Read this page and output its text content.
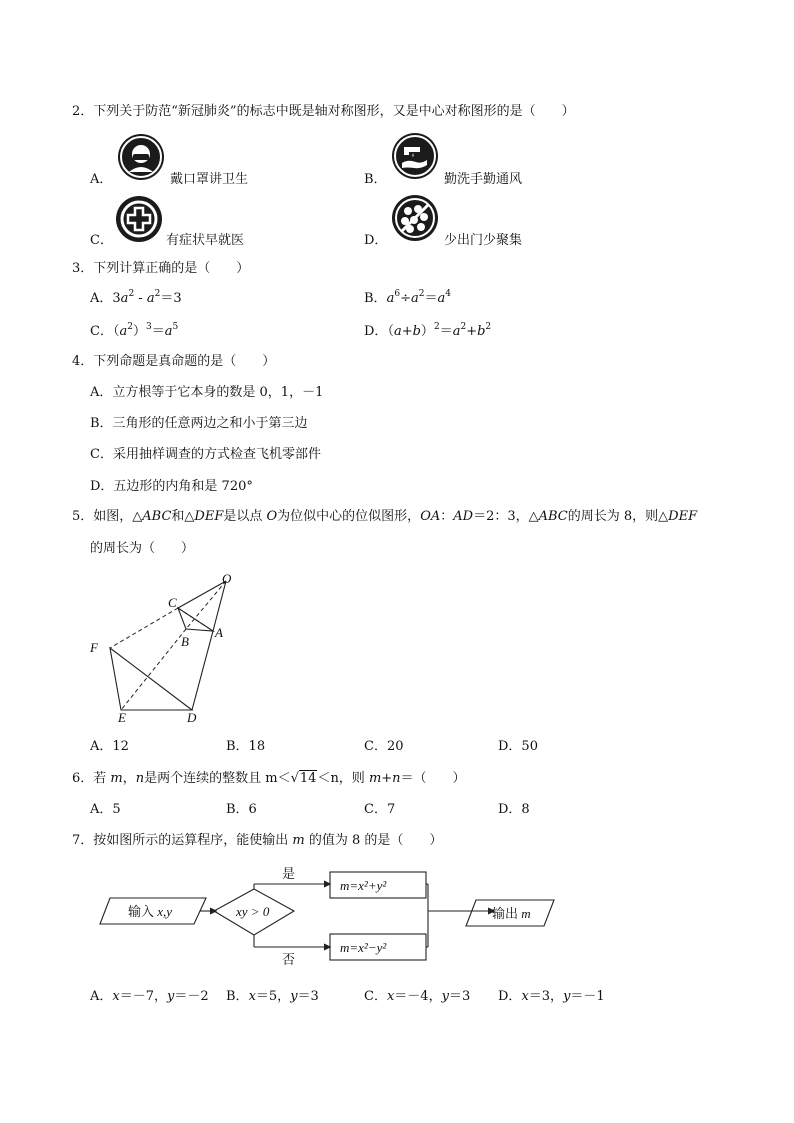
2．下列关于防范“新冠肺炎”的标志中既是轴对称图形，又是中心对称图形的是（　　）
A．	戴口罩讲卫生	B．	勤洗手勤通风
C．	有症状早就医	D．	少出门少聚集
3．下列计算正确的是（　　）
A．$3a^2 - a^2=3$	B．$a^6\div a^2=a^4$
C．$(a^2)^3=a^5$	D．$(a+b)^2=a^2+b^2$
4．下列命题是真命题的是（　　）
A．立方根等于它本身的数是 0，1，－1
B．三角形的任意两边之和小于第三边
C．采用抽样调查的方式检查飞机零部件
D．五边形的内角和是 720°
5．如图，△ABC和△DEF是以点 O为位似中心的位似图形，OA：AD＝2：3，△ABC的周长为 8，则△DEF
的周长为（　　）
O
C
B
A
F
E	D
A．12	B．18	C．20	D．50
6．若 m，n是两个连续的整数且 m＜√14＜n，则 m+n＝（　　）
A．5	B．6	C．7	D．8
7．按如图所示的运算程序，能使输出 m 的值为 8 的是（　　）
输入 x,y	xy > 0
是
否
m=x²+y²
m=x²−y²
输出 m
A．x＝－7，y＝－2 B．x＝5，y＝3	C．x＝－4，y＝3 D．x＝3，y＝－1
